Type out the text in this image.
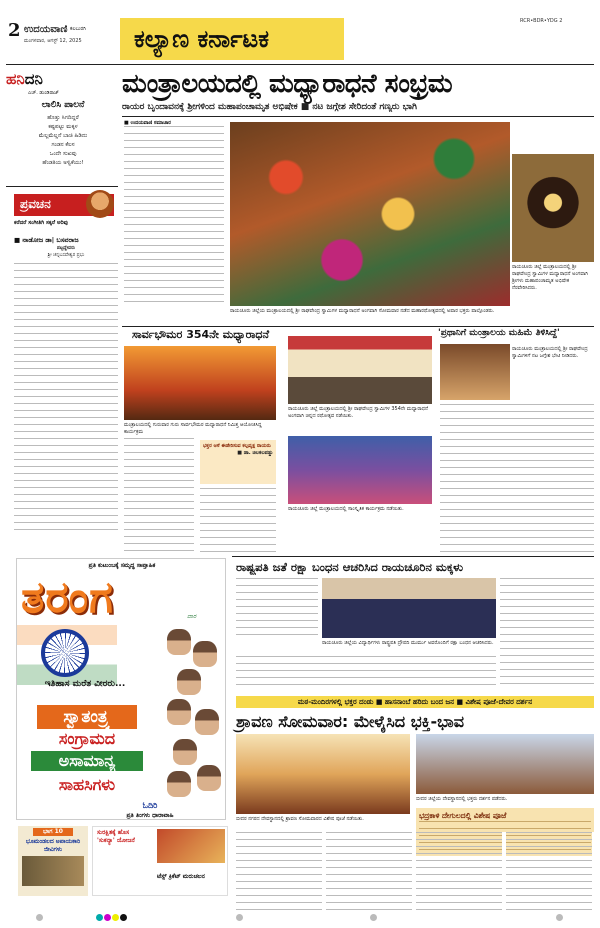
2 ಉದಯವಾಣಿ ಕಲಬುರಗಿ
ಮಂಗಳವಾರ, ಆಗಸ್ಟ್ 12, 2025	ಕಲ್ಯಾಣ ಕರ್ನಾಟಕ
RCR•BDR•YDG 2
ಹನಿದನಿ
ಎಚ್. ಡುಂಡಿರಾಜ್
ಲಾಲಿಸಿ ಪಾಲನೆ
ಹೊತ್ತು ಸಿಗದಿದ್ದರೆ
ಕಷ್ಟಪಟ್ಟು ಮಕ್ಕಳ
ಮೆಲ್ಲಮೆಲ್ಲನೆ ಬಾಚಿ ಹಿಡಿದು
ಗಂಡನ ಕೆಲಸ
ಒಂದೇ ಸುಖವು
ಹೆಂಡತಿಯ ಅಳ್ವಿಕೆಯು!
ಪ್ರವಚನ
ಕರೆದರೆ ಸಂಗೀತಿಗಿ ಸಕ್ಕರೆ ಅರಿವು
■ ನಾಡೋಜ ಡಾ| ಬಸವರಾಜ
ಪಟ್ಟದ್ದೇವರು
ಶ್ರೀ ಚನ್ನಬಸವೇಶ್ವರ ಪ್ರಭು
ಮಂತ್ರಾಲಯದಲ್ಲಿ ಮಧ್ಯಾರಾಧನೆ ಸಂಭ್ರಮ
ರಾಯರ ಬೃಂದಾವನಕ್ಕೆ ಶ್ರೀಗಳಿಂದ ಮಹಾಪಂಚಾಮೃತ ಅಭಿಷೇಕ ■ ನಟ ಜಗ್ಗೇಶ ಸೇರಿದಂತೆ ಗಣ್ಯರು ಭಾಗಿ
■ ಉದಯವಾಣಿ ಸಮಾಚಾರ
ರಾಯಚೂರು ಜಿಲ್ಲೆ ಮಂತ್ರಾಲಯದಲ್ಲಿ ಶ್ರೀ ರಾಘವೇಂದ್ರ ಸ್ವಾಮಿಗಳ ಮಧ್ಯಾರಾಧನೆ ಅಂಗವಾಗಿ ಶ್ರೀಗಳು ಮಹಾಪಂಚಾಮೃತ ಅಭಿಷೇಕ ನೆರವೇರಿಸಿದರು.
ರಾಯಚೂರು ಜಿಲ್ಲೆಯ ಮಂತ್ರಾಲಯದಲ್ಲಿ ಶ್ರೀ ರಾಘವೇಂದ್ರ ಸ್ವಾಮಿಗಳ ಮಧ್ಯಾರಾಧನೆ ಅಂಗವಾಗಿ ಸೋಮವಾರ ನಡೆದ ಮಹಾರಥೋತ್ಸವದಲ್ಲಿ ಅಪಾರ ಭಕ್ತರು ಪಾಲ್ಗೊಂಡರು.
ಸಾರ್ವಭೌಮರ 354ನೇ ಮಧ್ಯಾರಾಧನೆ
ಮಂತ್ರಾಲಯದಲ್ಲಿ ಗುರುವಾರ ಗುರು ಸಾರ್ವಭೌಮರ ಮಧ್ಯಾರಾಧನೆ ನಿಮಿತ್ತ ಆಯೋಜಿಸಿದ್ದ ಕಾರ್ಯಕ್ರಮ
ಭಕ್ತರ ಆಸೆ ಈಡೇರಿಸುವ ಕಲ್ಪವೃಕ್ಷ ರಾಯರು
■ ಡಾ. ಚಿಲಕಲಪಡ್ಡು
ರಾಯಚೂರು ಜಿಲ್ಲೆ ಮಂತ್ರಾಲಯದಲ್ಲಿ ಶ್ರೀ ರಾಘವೇಂದ್ರ ಸ್ವಾಮಿಗಳ 354ನೇ ಮಧ್ಯಾರಾಧನೆ ಅಂಗವಾಗಿ ಚಿನ್ನದ ರಥೋತ್ಸವ ನಡೆಯಿತು.
ರಾಯಚೂರು ಜಿಲ್ಲೆ ಮಂತ್ರಾಲಯದಲ್ಲಿ ಸಾಂಸ್ಕೃತಿಕ ಕಾರ್ಯಕ್ರಮ ನಡೆಯಿತು.
'ಪ್ರಥಾನಿಗೆ ಮಂತ್ರಾಲಯ ಮಹಿಮೆ ತಿಳಿಸಿದ್ದೆ'
ರಾಯಚೂರು ಮಂತ್ರಾಲಯದಲ್ಲಿ ಶ್ರೀ ರಾಘವೇಂದ್ರ ಸ್ವಾಮಿಗಳಿಗೆ ನಟ ಜಗ್ಗೇಶ ಭೇಟಿ ನೀಡಿದರು.
ರಾಷ್ಟ್ರಪತಿ ಜತೆ ರಕ್ಷಾ ಬಂಧನ ಆಚರಿಸಿದ ರಾಯಚೂರಿನ ಮಕ್ಕಳು
ರಾಯಚೂರು ಜಿಲ್ಲೆಯ ವಿದ್ಯಾರ್ಥಿಗಳು ರಾಷ್ಟ್ರಪತಿ ದ್ರೌಪದಿ ಮುರ್ಮು ಅವರೊಂದಿಗೆ ರಕ್ಷಾ ಬಂಧನ ಆಚರಿಸಿದರು.
ಮಠ-ಮಂದಿರಗಳಲ್ಲಿ ಭಕ್ತರ ದಂಡು ■ ಹಾಸನಾಂಬೆ ಹರಿದು ಬಂದ ಜನ ■ ವಿಶೇಷ ಪೂಜೆ-ದೇವರ ದರ್ಶನ
ಶ್ರಾವಣ ಸೋಮವಾರ: ಮೇಳೈಸಿದ ಭಕ್ತಿ-ಭಾವ
ಬೀದರ ಜಿಲ್ಲೆಯ ದೇವಸ್ಥಾನದಲ್ಲಿ ಭಕ್ತರು ದರ್ಶನ ಪಡೆದರು.
ಬೀದರ ನಗರದ ದೇವಸ್ಥಾನದಲ್ಲಿ ಶ್ರಾವಣ ಸೋಮವಾರದ ವಿಶೇಷ ಪೂಜೆ ನಡೆಯಿತು.	ಭದ್ರಕಾಳಿ ದೇಗುಲದಲ್ಲಿ ವಿಶೇಷ ಪೂಜೆ
ಪ್ರತಿ ಕುಟುಂಬಕ್ಕೆ ಸಮೃದ್ಧ ಸಾಪ್ತಾಹಿಕ
ತರಂಗ	ವಾರ
ಇತಿಹಾಸ ಮರೆತ ವೀರರು...
ಸ್ವಾತಂತ್ರ್ಯ
ಸಂಗ್ರಾಮದ
ಅಸಾಮಾನ್ಯ
ಸಾಹಸಿಗಳು
ಓದಿರಿ
ಪ್ರತಿ ತಿಂಗಳು ಧಾರಾವಾಹಿ
ಭಾಗ 10
ಭೂಮಂಡಲದ ಅಪಾಯಕಾರಿ ಜೀವಿಗಳು
ಸುರಕ್ಷಿತಕ್ಕೆ ಹೊಸ 'ಸುಕನ್ಯಾ' ಯೋಜನೆ
ಟೆಸ್ಟ್ ಕ್ರಿಕೆಟ್ ಮರುಚಲನ
